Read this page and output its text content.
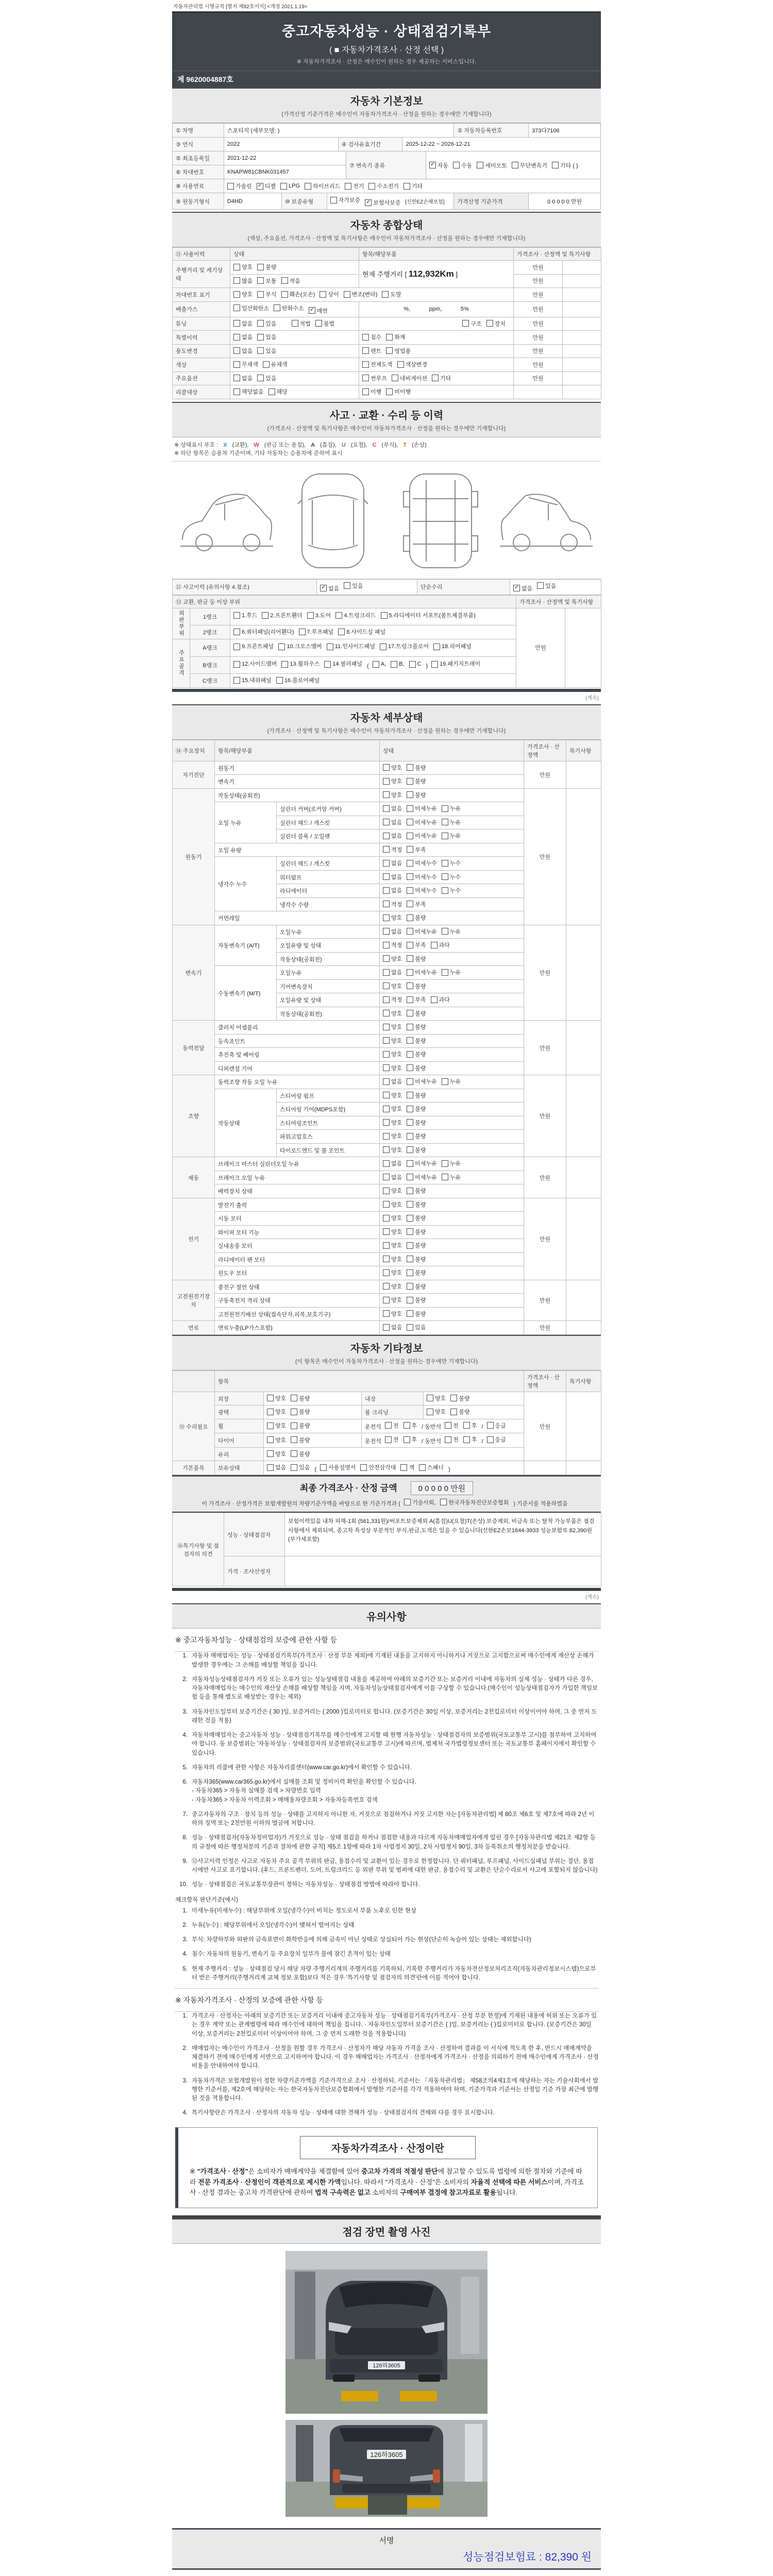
자동차관리법 시행규칙 [별지 제82호서식] <개정 2021.1.19>
중고자동차성능 · 상태점검기록부
( ■ 자동차가격조사 · 산정 선택 )
※ 자동차가격조사 · 산정은 매수인이 원하는 경우 제공하는 서비스입니다.
제 9620004887호
자동차 기본정보
(가격산정 기준가격은 매수인이 자동차가격조사 · 산정을 원하는 경우에만 기재합니다)
① 차명	스포티지 (세부모델: )	② 자동차등록번호	373다7106
③ 연식	2022	④ 검사유효기간	2025-12-22 ~ 2026-12-21
⑤ 최초등록일	2021-12-22
⑥ 차대번호	KNAPW81CBNK031457
⑦ 변속기 종류	✓ 자동 수동 세미오토 무단변속기 기타 ( )
⑧ 사용연료	가솔린 ✓ 디젤 LPG 하이브리드 전기 수소전기 기타
⑨ 원동기형식	D4HD	⑩ 보증유형	자가보증 ✓ 보험사보증 [신한EZ손해보험]	가격산정 기준가격	0 0 0 0 0 만원
자동차 종합상태
(색상, 주요옵션, 가격조사 · 산정액 및 특기사항은 매수인이 자동차가격조사 · 산정을 원하는 경우에만 기재합니다)
⑪ 사용이력	상태	항목/해당부품	가격조사 · 산정액 및 특기사항	
주행거리 및 계기상태	양호 불량	현재 주행거리 [ 112,932Km ]	만원	

	많음 보통 적음		만원	
차대번호 표기	양호 부식 훼손(오손) 상이 변조(변타) 도말	만원	
배출가스	일산화탄소 탄화수소 ✓ 매연	%,            ppm,            5%	만원	
튜닝	없음 있음 적법 불법	구조 장치	만원	
특별이력	없음 있음	침수 화재	만원	
용도변경	없음 있음	렌트 영업용	만원	
색상	무채색 유채색	전체도색 색상변경	만원	
주요옵션	없음 있음	썬루프 네비게이션 기타	만원	
리콜대상	해당없음 해당	이행 미이행		

사고 · 교환 · 수리 등 이력
(가격조사 · 산정액 및 특기사항은 매수인이 자동차가격조사 · 산정을 원하는 경우에만 기재합니다)
※ 상태표시 부호 : X (교환), W (판금 또는 용접), A (흠집), U (요철), C (부식), T (손상)
※ 하단 항목은 승용차 기준이며, 기타 자동차는 승용차에 준하여 표시
⑫ 사고이력 (유의사항 4.참조)	✓ 없음 있음	단순수리	✓ 없음 있음
⑬ 교환, 판금 등 이상 부위			가격조사 · 산정액 및 특기사항	
외판부위	1랭크	1.후드 2.프론트휀더 3.도어 4.트렁크리드 5.라디에이터 서포트(볼트체결부품)	만원	
	2랭크	6.쿼터패널(리어휀다) 7.루프패널 8.사이드실 패널		

주요골격	A랭크	9.프론트패널 10.크로스멤버 11.인사이드패널 17.트렁크플로어 18.리어패널		

B랭크	12.사이드멤버 13.휠하우스 14.필러패널 ( A, B, C ) 19.패키지트레이

	C랭크	15.대쉬패널 16.플로어패널		
(계속)
자동차 세부상태
(가격조사 · 산정액 및 특기사항은 매수인이 자동차가격조사 · 산정을 원하는 경우에만 기재합니다)
⑭ 주요장치	항목/해당부품		상태	가격조사 · 산정액	특기사항
자기진단	원동기		양호 불량	만원	
	변속기		양호 불량		

원동기	작동상태(공회전)		양호 불량	만원	
	오일 누유	실린더 커버(로커암 커버)	없음 미세누유 누유		

		실린더 헤드 / 개스킷	없음 미세누유 누유		

		실린더 블록 / 오일팬	없음 미세누유 누유		

	오일 유량		적정 부족		

	냉각수 누수	실린더 헤드 / 개스킷	없음 미세누수 누수		

		워터펌프	없음 미세누수 누수		

		라디에이터	없음 미세누수 누수		

		냉각수 수량	적정 부족		

	커먼레일		양호 불량		

변속기	자동변속기 (A/T)	오일누유	없음 미세누유 누유	만원	
		오일유량 및 상태	적정 부족 과다		

		작동상태(공회전)	양호 불량		

	수동변속기 (M/T)	오일누유	없음 미세누유 누유		

		기어변속장치	양호 불량		

		오일유량 및 상태	적정 부족 과다		

		작동상태(공회전)	양호 불량		

동력전달	클러치 어셈블리		양호 불량	만원	
	등속죠인트		양호 불량		

	추진축 및 베어링		양호 불량		

	디퍼렌셜 기어		양호 불량		

조향	동력조향 작동 오일 누유		없음 미세누유 누유	만원	
	작동상태	스티어링 펌프	양호 불량		

		스티어링 기어(MDPS포함)	양호 불량		

		스티어링조인트	양호 불량		

		파워고압호스	양호 불량		

		타이로드엔드 및 볼 조인트	양호 불량		

제동	브레이크 마스터 실린더오일 누유		없음 미세누유 누유	만원	
	브레이크 오일 누유		없음 미세누유 누유		

	배력장치 상태		양호 불량		

전기	발전기 출력		양호 불량	만원	
	시동 모터		양호 불량		

	와이퍼 모터 기능		양호 불량		

	실내송풍 모터		양호 불량		

	라디에이터 팬 모터		양호 불량		

	윈도우 모터		양호 불량		

고전원전기장치	충전구 절연 상태		양호 불량	만원	
	구동축전지 격리 상태		양호 불량		

	고전원전기배선 상태(접속단자,피복,보호기구)		양호 불량		

연료	연료누출(LP가스포함)		없음 있음	만원	
자동차 기타정보
(이 항목은 매수인이 자동차가격조사 · 산정을 원하는 경우에만 기재합니다)
	항목				가격조사 · 산정액	특기사항
⑮ 수리필요	외장	양호 불량	내장	양호 불량	만원	
	광택	양호 불량	룸 크리닝	양호 불량		

휠	양호 불량	운전석 전 후 / 동반석 전 후 / 응급

타이어	양호 불량	운전석 전 후 / 동반석 전 후 / 응급

	유리	양호 불량				

기본품목	보유상태	없음 있음 ( 사용설명서 안전삼각대 잭 스패너 )		
최종 가격조사 · 산정 금액	0 0 0 0 0 만원
이 가격조사 · 산정가격은 보험개발원의 차량기준가액을 바탕으로 한 기준가격과 ( 기술사회, 한국자동차진단보증협회 ) 기준서를 적용하였음
⑯특기사항 및 점검자의 의견	성능 · 상태점검자	보험이력있음 내차 피해-1회 (561,331원)/써포트보증제외 A(흠집)U(요철)T(손상) 보증제외, 비금속 또는 탈착 가능부품은 점검사항에서 제외되며, 중고차 특성상 부분적인 부식,판금,도색은 있을 수 있습니다(신한EZ손보1644-3933 성능보험료 82,390원(부가세포함)
	가격 · 조사산정자	
(계속)
유의사항
※ 중고자동차성능 · 상태점검의 보증에 관한 사항 등
1. 자동차 매매업자는 성능 · 상태점검기록부(가격조사 · 산정 부분 제외)에 기재된 내용을 고지하지 아니하거나 거짓으로 고지함으로써 매수인에게 재산상 손해가 발생한 경우에는 그 손해를 배상할 책임을 집니다.
2. 자동차성능상태점검자가 거짓 또는 오류가 있는 성능상태점검 내용을 제공하여 아래의 보증기간 또는 보증거리 이내에 자동차의 실제 성능 · 상태가 다른 경우, 자동차매매업자는 매수인의 재산상 손해를 배상할 책임을 지며, 자동차성능상태점검자에게 이를 구상할 수 있습니다.(매수인이 성능상태점검자가 가입한 책임보험 등을 통해 별도로 배상받는 경우는 제외)
3. 자동차인도일부터 보증기간은 ( 30 )일, 보증거리는 ( 2000 )킬로미터로 합니다. (보증기간은 30일 이상, 보증거리는 2천킬로미터 이상이어야 하며, 그 중 먼저 도래한 것을 적용)
4. 자동차매매업자는 중고자동차 성능 · 상태점검기록부를 매수인에게 고지할 때 현행 자동차성능 · 상태점검자의 보증범위(국토교통부 고시)를 첨부하여 고지하여야 합니다. 동 보증범위는 '자동차성능 · 상태점검자의 보증범위'(국토교통부 고시)에 따르며, 법제처 국가법령정보센터 또는 국토교통부 홈페이지에서 확인할 수 있습니다.
5. 자동차의 리콜에 관한 사항은 자동차리콜센터(www.car.go.kr)에서 확인할 수 있습니다.
6. 자동차365(www.car365.go.kr)에서 실매물 조회 및 정비이력 확인을 확인할 수 있습니다.
- 자동차365 > 자동차 실매물 검색 > 차량번호 입력
- 자동차365 > 자동차 이력조회 > 매매용차량조회 > 자동차등록번호 검색
7. 중고자동차의 구조 · 장치 등의 성능 · 상태를 고지하지 아니한 자, 거짓으로 점검하거나 거짓 고지한 자는 [자동차관리법] 제 80조 제6호 및 제7호에 따라 2년 이하의 징역 또는 2천만원 이하의 벌금에 처합니다.
8. 성능 · 상태점검자(자동차정비업자)가 거짓으로 성능 · 상태 점검을 하거나 점검한 내용과 다르게 자동차매매업자에게 알린 경우 [자동차관리법 제21조 제2항 등의 규정에 따른 행정처분의 기준과 절차에 관한 규칙] 제5조 1항에 따라 1차 사업정지 30일, 2차 사업정지 90일, 3차 등록취소의 행정처분을 받습니다.
9. ⑫사고이력 인정은 사고로 자동차 주요 골격 부위의 판금, 용접수리 및 교환이 있는 경우로 한정합니다. 단 쿼터패널, 루프패널, 사이드실패널 부위는 절단, 용접 시에만 사고로 표기합니다. (후드, 프론트펜더, 도어, 트렁크리드 등 외판 부위 및 범퍼에 대한 판금, 용접수리 및 교환은 단순수리로서 사고에 포함되지 않습니다)
10. 성능 · 상태점검은 국토교통부장관이 정하는 자동차성능 · 상태점검 방법에 따라야 합니다.
체크항목 판단기준(예시)
1. 미세누유(미세누수) : 해당부위에 오일(냉각수)이 비치는 정도로서 부품 노후로 인한 현상
2. 누유(누수) : 해당부위에서 오일(냉각수)이 맺혀서 떨어지는 상태
3. 부식: 차량하부와 외판의 금속표면이 화학반응에 의해 금속이 아닌 상태로 상실되어 가는 현상(단순히 녹슬어 있는 상태는 제외합니다)
4. 침수: 자동차의 원동기, 변속기 등 주요장치 일부가 물에 잠긴 흔적이 있는 상태
5. 현재 주행거리 : 성능 · 상태점검 당시 해당 차량 주행거리계의 주행거리를 기록하되, 기록한 주행거리가 자동차전산정보처리조직(자동차관리정보시스템)으로부터 받은 주행거리(주행거리계 교체 정보 포함)보다 적은 경우 '특기사항 및 점검자의 의견'란에 이를 적어야 합니다.
※ 자동차가격조사 · 산정의 보증에 관한 사항 등
1. 가격조사 · 산정자는 아래의 보증기간 또는 보증거리 이내에 중고자동차 성능 · 상태점검기록부(가격조사 · 산정 부분 한정)에 기재된 내용에 허위 또는 오류가 있는 경우 계약 또는 관계법령에 따라 매수인에 대하여 책임을 집니다. · 자동차인도일부터 보증기간은 ( )일, 보증거리는 ( )킬로미터로 합니다. (보증기간은 30일 이상, 보증거리는 2천킬로미터 이상이어야 하며, 그 중 먼저 도래한 것을 적용합니다)
2. 매매업자는 매수인이 가격조사 · 산정을 원할 경우 가격조사 · 산정자가 해당 자동차 가격을 조사 · 산정하여 결과를 이 서식에 적도록 한 후, 반드시 매매계약을 체결하기 전에 매수인에게 서면으로 고지하여야 합니다. 이 경우 매매업자는 가격조사 · 산정자에게 가격조사 · 산정을 의뢰하기 전에 매수인에게 가격조사 · 산정 비용을 안내하여야 합니다.
3. 자동차가격은 보험개발원이 정한 차량기준가액을 기준가격으로 조사 · 산정하되, 기준서는 「자동차관리법」 제58조의4제1호에 해당하는 자는 기술사회에서 발행한 기준서를, 제2호에 해당하는 자는 한국자동차진단보증협회에서 발행한 기준서를 각각 적용하여야 하며, 기준가격과 기준서는 산정일 기준 가장 최근에 발행된 것을 적용합니다.
4. 특기사항란은 가격조사 · 산정자의 자동차 성능 · 상태에 대한 견해가 성능 · 상태점검자의 견해와 다를 경우 표시합니다.
자동차가격조사 · 산정이란
※ "가격조사 · 산정"은 소비자가 매매계약을 체결함에 있어 중고차 가격의 적절성 판단에 참고할 수 있도록 법령에 의한 절차와 기준에 따라 전문 가격조사 · 산정인이 객관적으로 제시한 가액입니다. 따라서 "가격조사 · 산정"은 소비자의 자율적 선택에 따른 서비스이며, 가격조사 · 산정 결과는 중고차 가격판단에 관하여 법적 구속력은 없고 소비자의 구매여부 결정에 참고자료로 활용됩니다.
점검 장면 촬영 사진
126하3605
126하3605
서명
성능점검보험료 : 82,390 원
